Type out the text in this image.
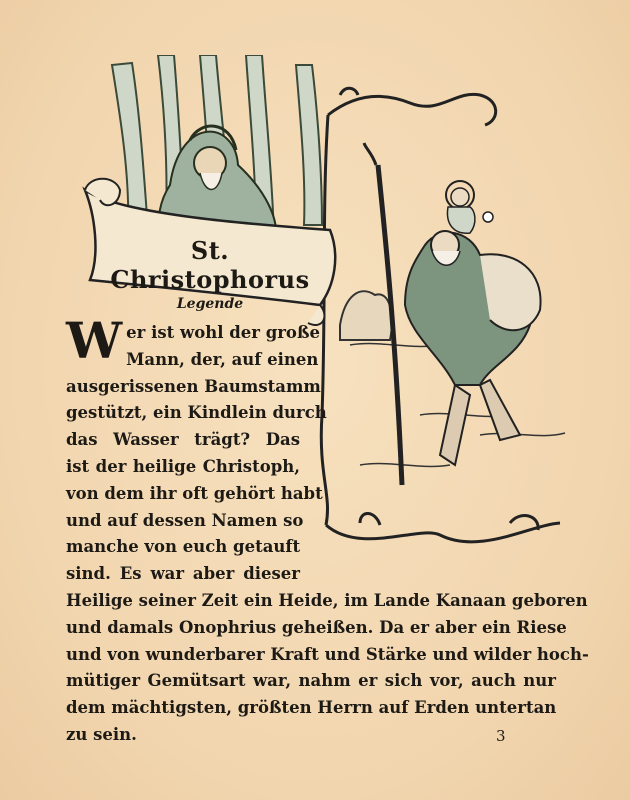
St. Christophorus
Legende
W er ist wohl der große
Mann, der, auf einen
ausgerissenen Baumstamm
gestützt, ein Kindlein durch
das Wasser trägt? Das
ist der heilige Christoph,
von dem ihr oft gehört habt
und auf dessen Namen so
manche von euch getauft
sind. Es war aber dieser
Heilige seiner Zeit ein Heide, im Lande Kanaan geboren
und damals Onophrius geheißen. Da er aber ein Riese
und von wunderbarer Kraft und Stärke und wilder hoch-
mütiger Gemütsart war, nahm er sich vor, auch nur
dem mächtigsten, größten Herrn auf Erden untertan
zu sein.	3
